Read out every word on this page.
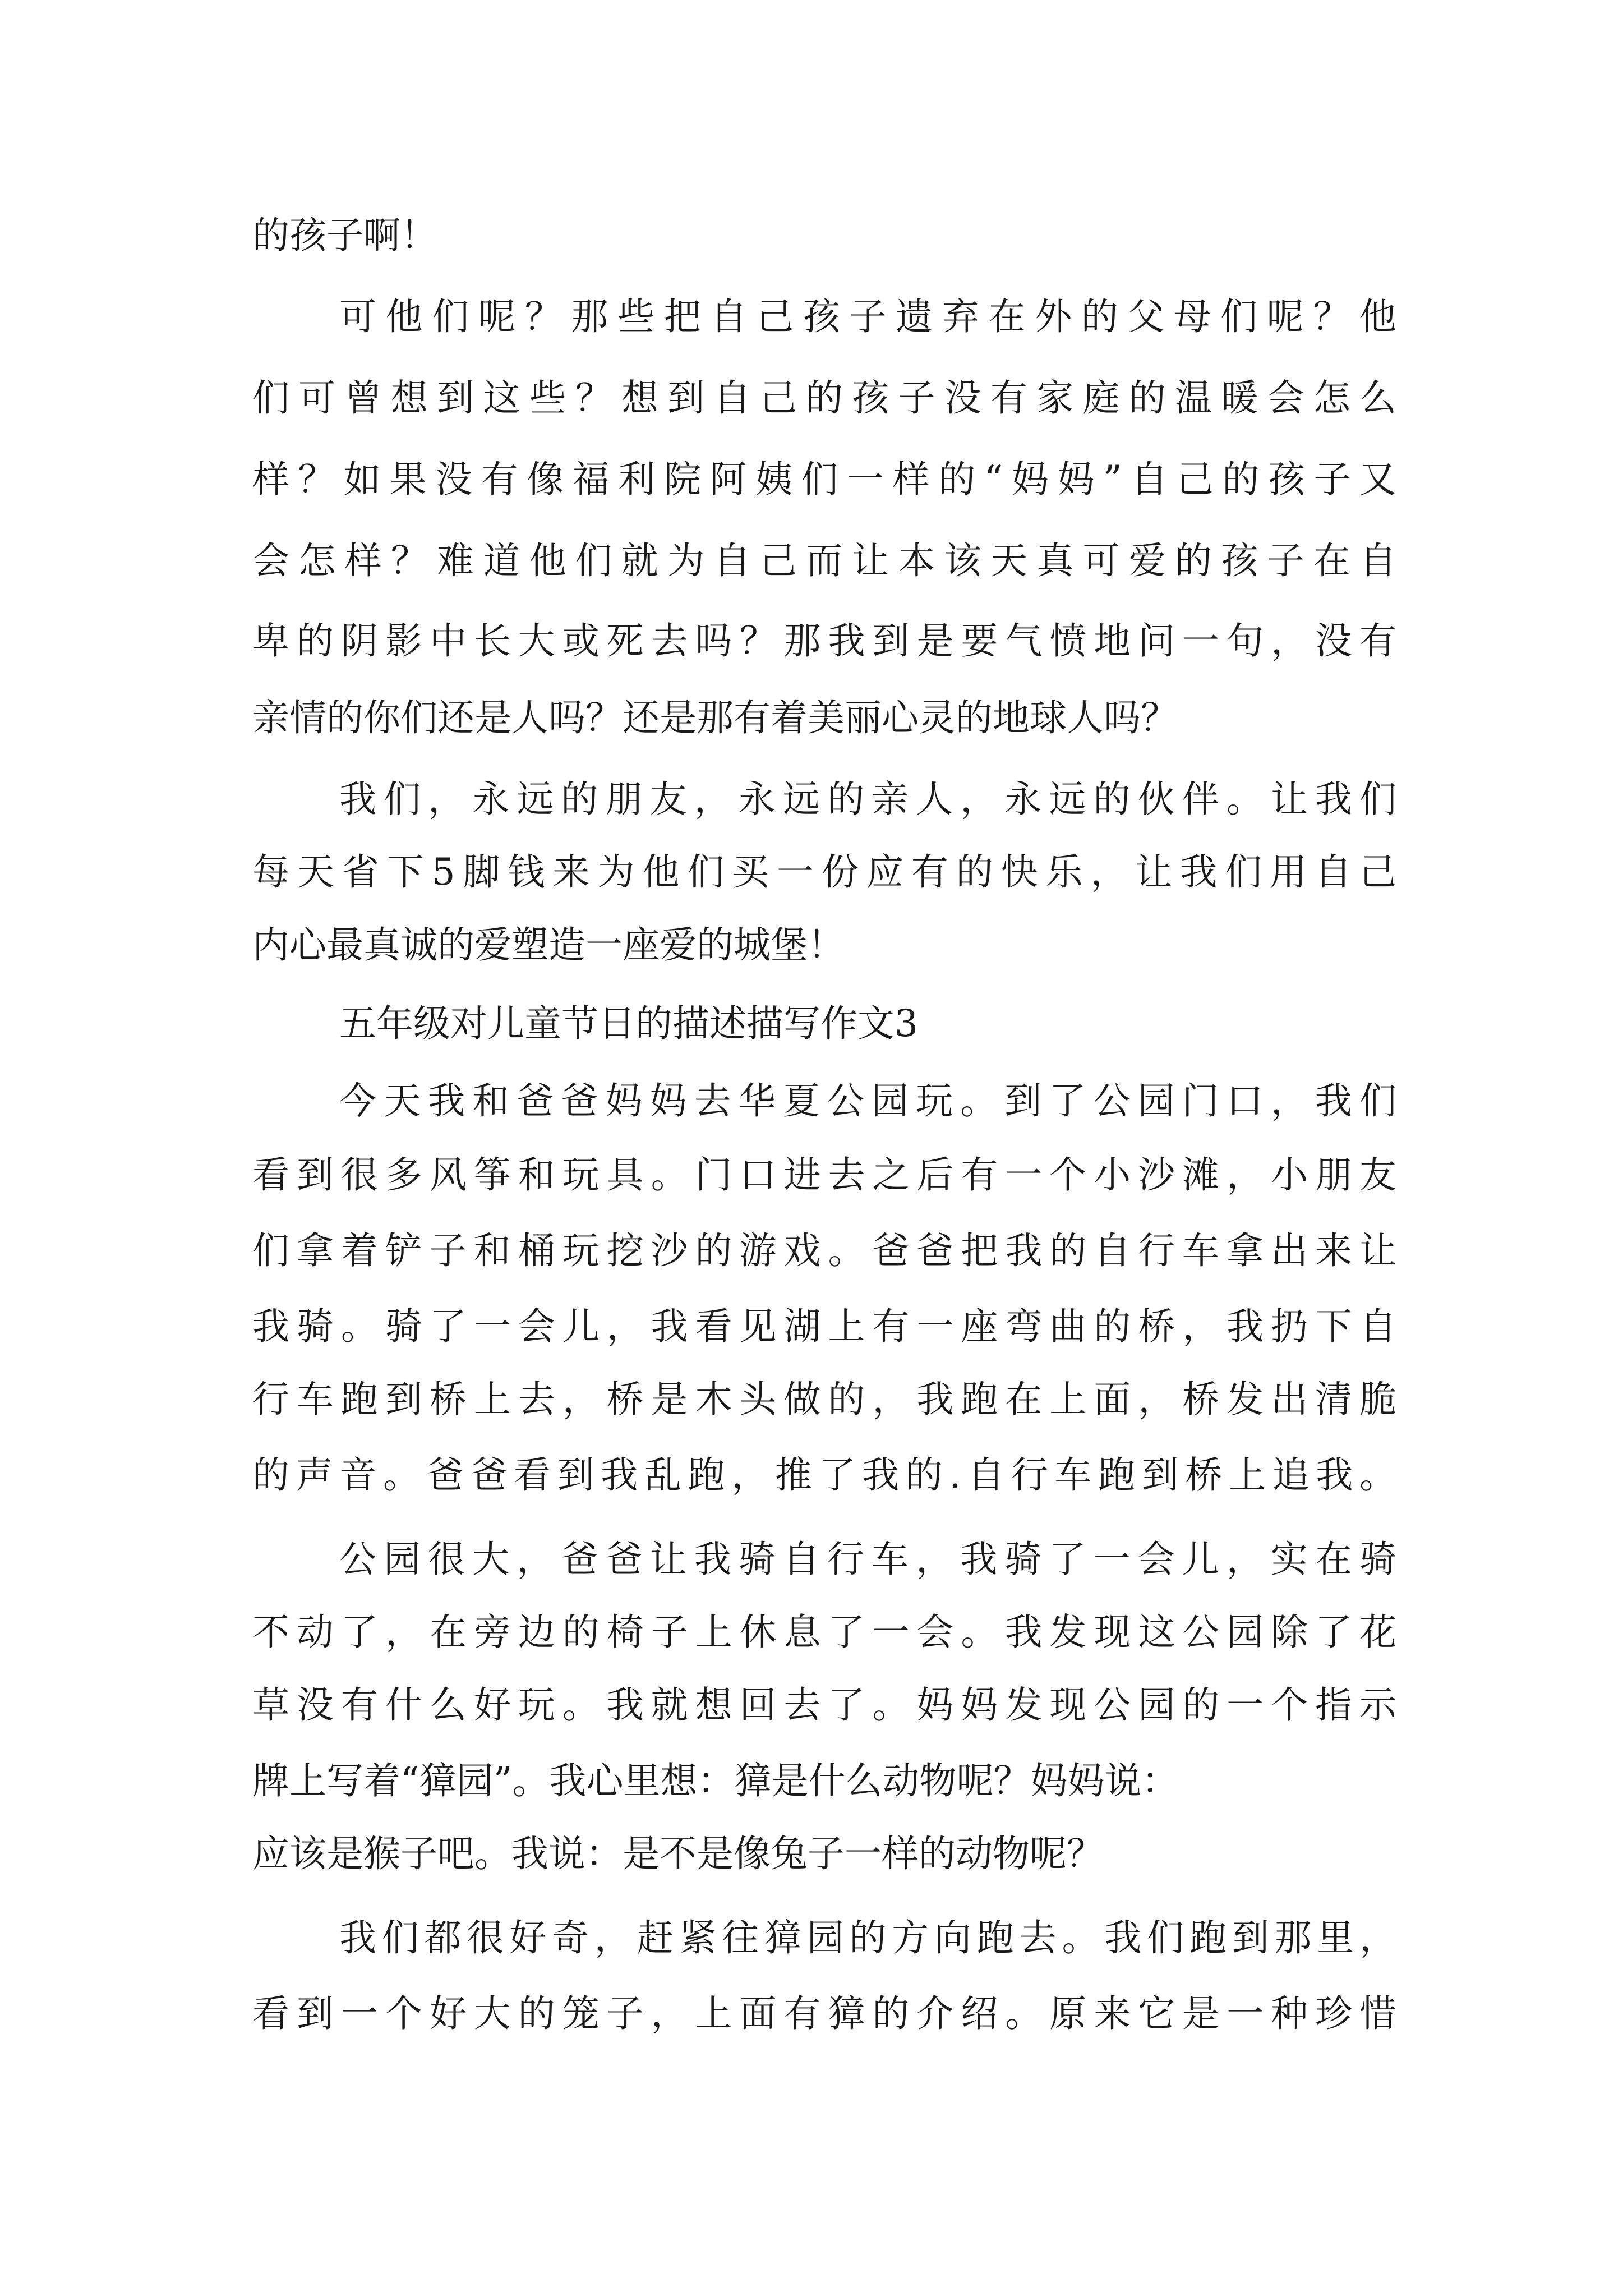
的孩子啊！
可他们呢？那些把自己孩子遗弃在外的父母们呢？他
们可曾想到这些？想到自己的孩子没有家庭的温暖会怎么
样？如果没有像福利院阿姨们一样的“妈妈”自己的孩子又
会怎样？难道他们就为自己而让本该天真可爱的孩子在自
卑的阴影中长大或死去吗？那我到是要气愤地问一句，没有
亲情的你们还是人吗？还是那有着美丽心灵的地球人吗？
我们，永远的朋友，永远的亲人，永远的伙伴。让我们
每天省下5脚钱来为他们买一份应有的快乐，让我们用自己
内心最真诚的爱塑造一座爱的城堡！
五年级对儿童节日的描述描写作文3
今天我和爸爸妈妈去华夏公园玩。到了公园门口，我们
看到很多风筝和玩具。门口进去之后有一个小沙滩，小朋友
们拿着铲子和桶玩挖沙的游戏。爸爸把我的自行车拿出来让
我骑。骑了一会儿，我看见湖上有一座弯曲的桥，我扔下自
行车跑到桥上去，桥是木头做的，我跑在上面，桥发出清脆
的声音。爸爸看到我乱跑，推了我的.自行车跑到桥上追我。
公园很大，爸爸让我骑自行车，我骑了一会儿，实在骑
不动了，在旁边的椅子上休息了一会。我发现这公园除了花
草没有什么好玩。我就想回去了。妈妈发现公园的一个指示
牌上写着“獐园”。我心里想：獐是什么动物呢？妈妈说：
应该是猴子吧。我说：是不是像兔子一样的动物呢？
我们都很好奇，赶紧往獐园的方向跑去。我们跑到那里，
看到一个好大的笼子，上面有獐的介绍。原来它是一种珍惜
